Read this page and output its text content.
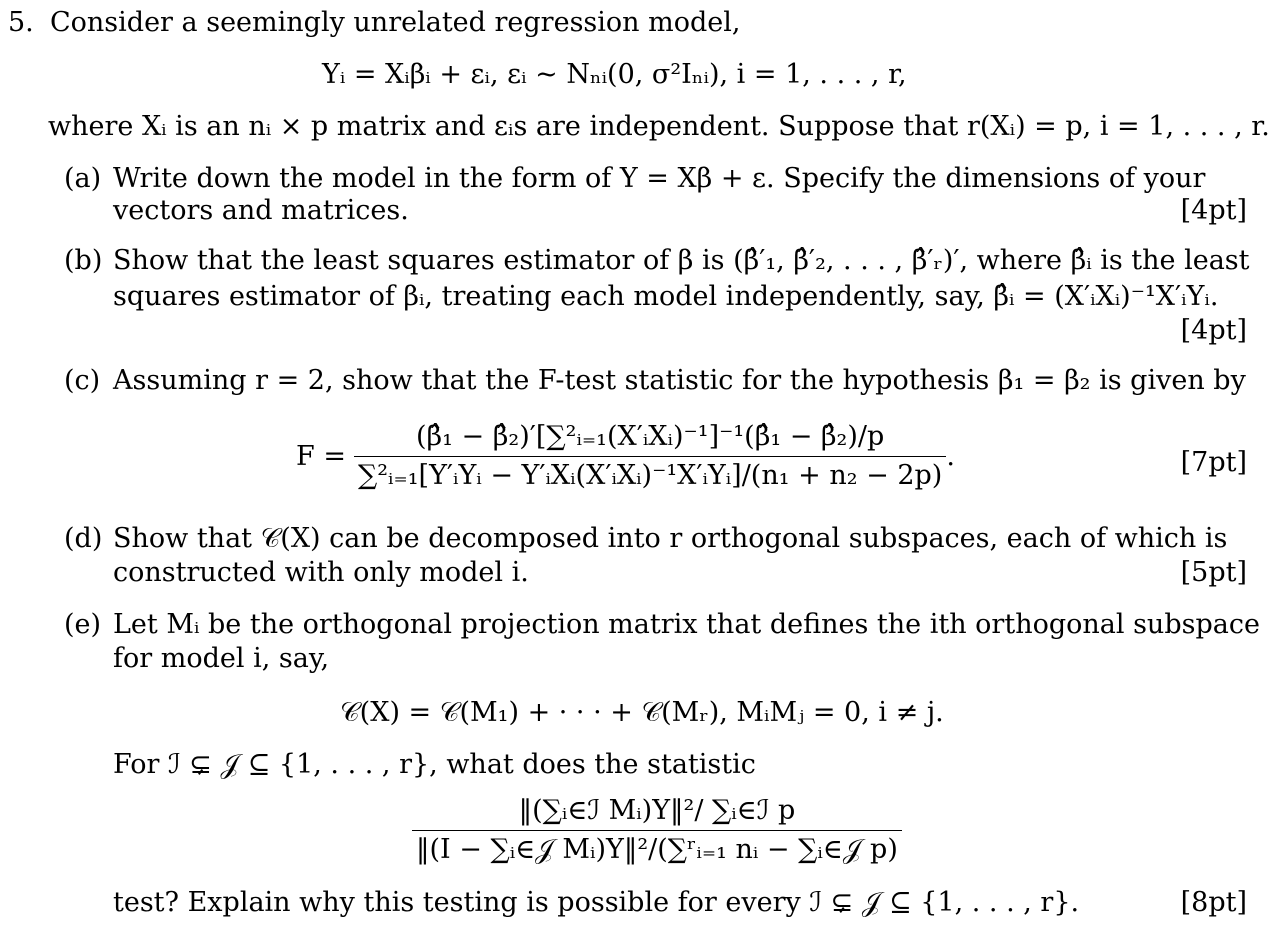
5. Consider a seemingly unrelated regression model,
Yᵢ = Xᵢβᵢ + εᵢ, εᵢ ~ Nₙᵢ(0, σ²Iₙᵢ), i = 1, . . . , r,
where Xᵢ is an nᵢ × p matrix and εᵢs are independent. Suppose that r(Xᵢ) = p, i = 1, . . . , r.
(a) Write down the model in the form of Y = Xβ + ε. Specify the dimensions of your
vectors and matrices.	[4pt]
(b) Show that the least squares estimator of β is (β̂′₁, β̂′₂, . . . , β̂′ᵣ)′, where β̂ᵢ is the least
squares estimator of βᵢ, treating each model independently, say, β̂ᵢ = (X′ᵢXᵢ)⁻¹X′ᵢYᵢ.
[4pt]
(c) Assuming r = 2, show that the F-test statistic for the hypothesis β₁ = β₂ is given by
$F = \frac{\text{(β̂₁ − β̂₂)′[∑²ᵢ₌₁(X′ᵢXᵢ)⁻¹]⁻¹(β̂₁ − β̂₂)/p}}{\text{∑²ᵢ₌₁[Y′ᵢYᵢ − Y′ᵢXᵢ(X′ᵢXᵢ)⁻¹X′ᵢYᵢ]/(n₁ + n₂ − 2p)}}$ .	[7pt]
(d) Show that 𝒞(X) can be decomposed into r orthogonal subspaces, each of which is
constructed with only model i.	[5pt]
(e) Let Mᵢ be the orthogonal projection matrix that defines the ith orthogonal subspace
for model i, say,
𝒞(X) = 𝒞(M₁) + · · · + 𝒞(Mᵣ), MᵢMⱼ = 0, i ≠ j.
For ℐ ⊊ 𝒥 ⊆ {1, . . . , r}, what does the statistic
$\frac{\text{‖(∑ᵢ∈ℐ Mᵢ)Y‖²/ ∑ᵢ∈ℐ p}}{\text{‖(I − ∑ᵢ∈𝒥 Mᵢ)Y‖²/(∑ʳᵢ₌₁ nᵢ − ∑ᵢ∈𝒥 p)}}$
test? Explain why this testing is possible for every ℐ ⊊ 𝒥 ⊆ {1, . . . , r}.	[8pt]
